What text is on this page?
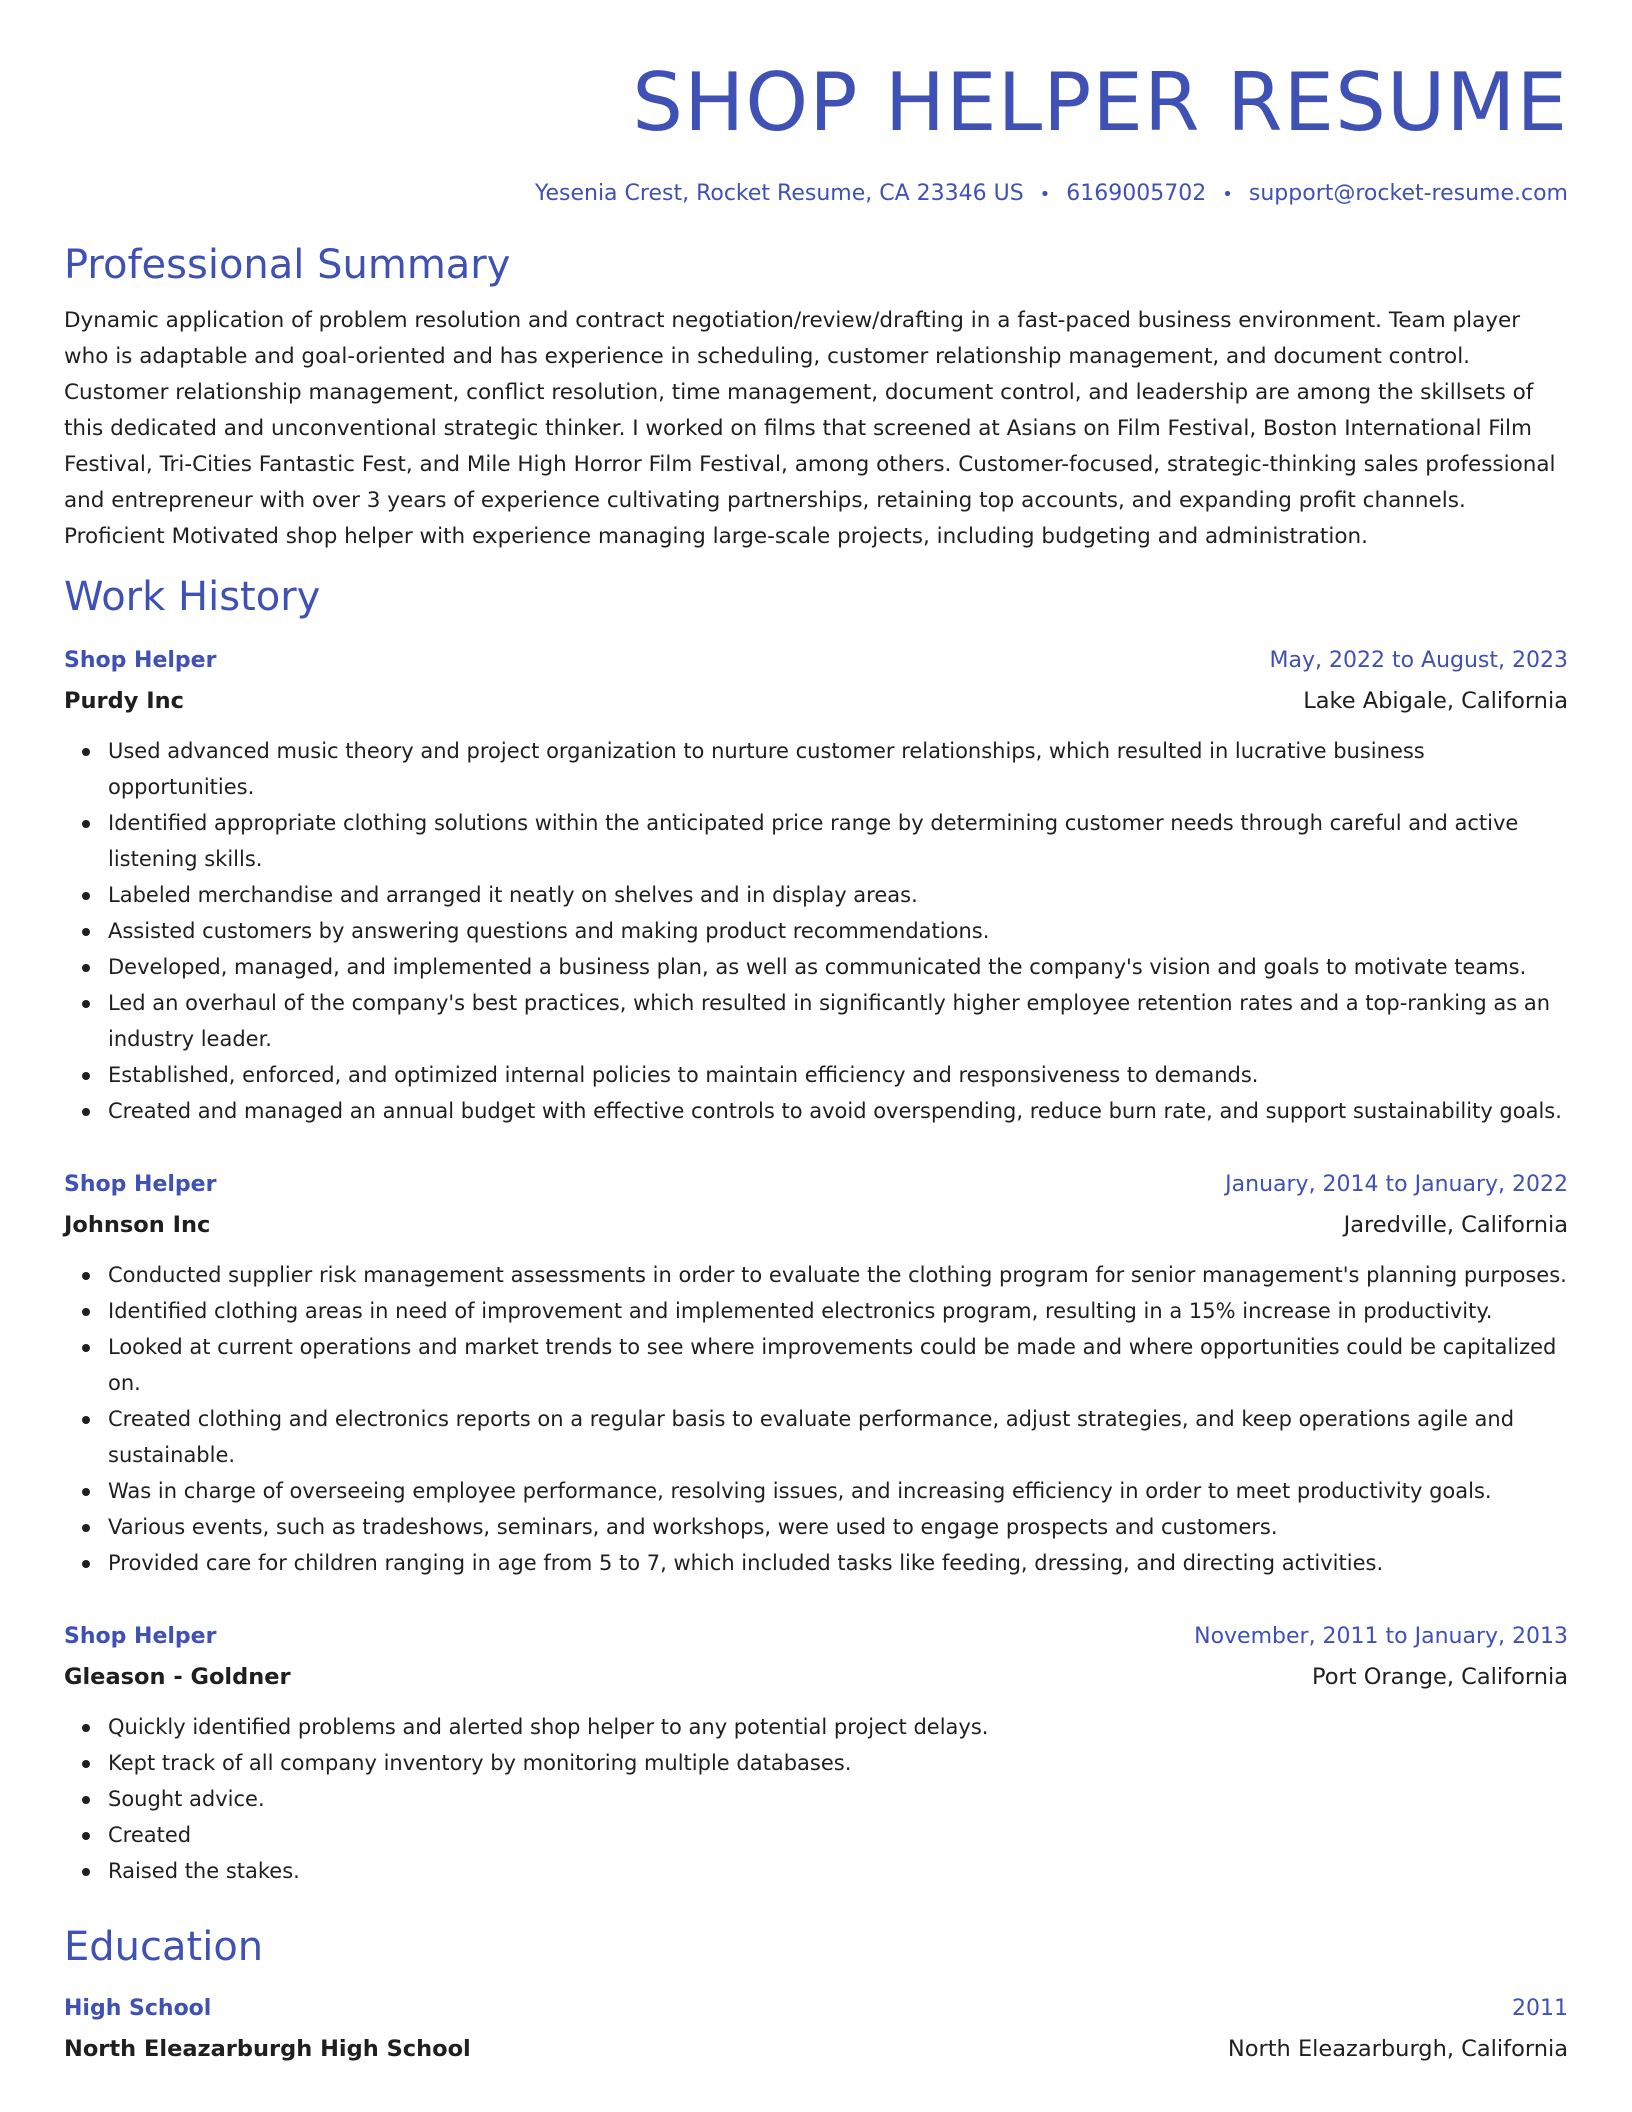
SHOP HELPER RESUME
Yesenia Crest, Rocket Resume, CA 23346 US • 6169005702 • support@rocket-resume.com
Professional Summary

Dynamic application of problem resolution and contract negotiation/review/drafting in a fast-paced business environment. Team player who is adaptable and goal-oriented and has experience in scheduling, customer relationship management, and document control. Customer relationship management, conflict resolution, time management, document control, and leadership are among the skillsets of this dedicated and unconventional strategic thinker. I worked on films that screened at Asians on Film Festival, Boston International Film Festival, Tri-Cities Fantastic Fest, and Mile High Horror Film Festival, among others. Customer-focused, strategic-thinking sales professional and entrepreneur with over 3 years of experience cultivating partnerships, retaining top accounts, and expanding profit channels. Proficient Motivated shop helper with experience managing large-scale projects, including budgeting and administration.

Work History
Shop Helper	May, 2022 to August, 2023
Purdy Inc	Lake Abigale, California
Used advanced music theory and project organization to nurture customer relationships, which resulted in lucrative business opportunities.
Identified appropriate clothing solutions within the anticipated price range by determining customer needs through careful and active listening skills.
Labeled merchandise and arranged it neatly on shelves and in display areas.
Assisted customers by answering questions and making product recommendations.
Developed, managed, and implemented a business plan, as well as communicated the company's vision and goals to motivate teams.
Led an overhaul of the company's best practices, which resulted in significantly higher employee retention rates and a top-ranking as an industry leader.
Established, enforced, and optimized internal policies to maintain efficiency and responsiveness to demands.
Created and managed an annual budget with effective controls to avoid overspending, reduce burn rate, and support sustainability goals.
Shop Helper	January, 2014 to January, 2022
Johnson Inc	Jaredville, California
Conducted supplier risk management assessments in order to evaluate the clothing program for senior management's planning purposes.
Identified clothing areas in need of improvement and implemented electronics program, resulting in a 15% increase in productivity.
Looked at current operations and market trends to see where improvements could be made and where opportunities could be capitalized on.
Created clothing and electronics reports on a regular basis to evaluate performance, adjust strategies, and keep operations agile and sustainable.
Was in charge of overseeing employee performance, resolving issues, and increasing efficiency in order to meet productivity goals.
Various events, such as tradeshows, seminars, and workshops, were used to engage prospects and customers.
Provided care for children ranging in age from 5 to 7, which included tasks like feeding, dressing, and directing activities.
Shop Helper	November, 2011 to January, 2013
Gleason - Goldner	Port Orange, California
Quickly identified problems and alerted shop helper to any potential project delays.
Kept track of all company inventory by monitoring multiple databases.
Sought advice.
Created
Raised the stakes.
Education
High School	2011
North Eleazarburgh High School	North Eleazarburgh, California
